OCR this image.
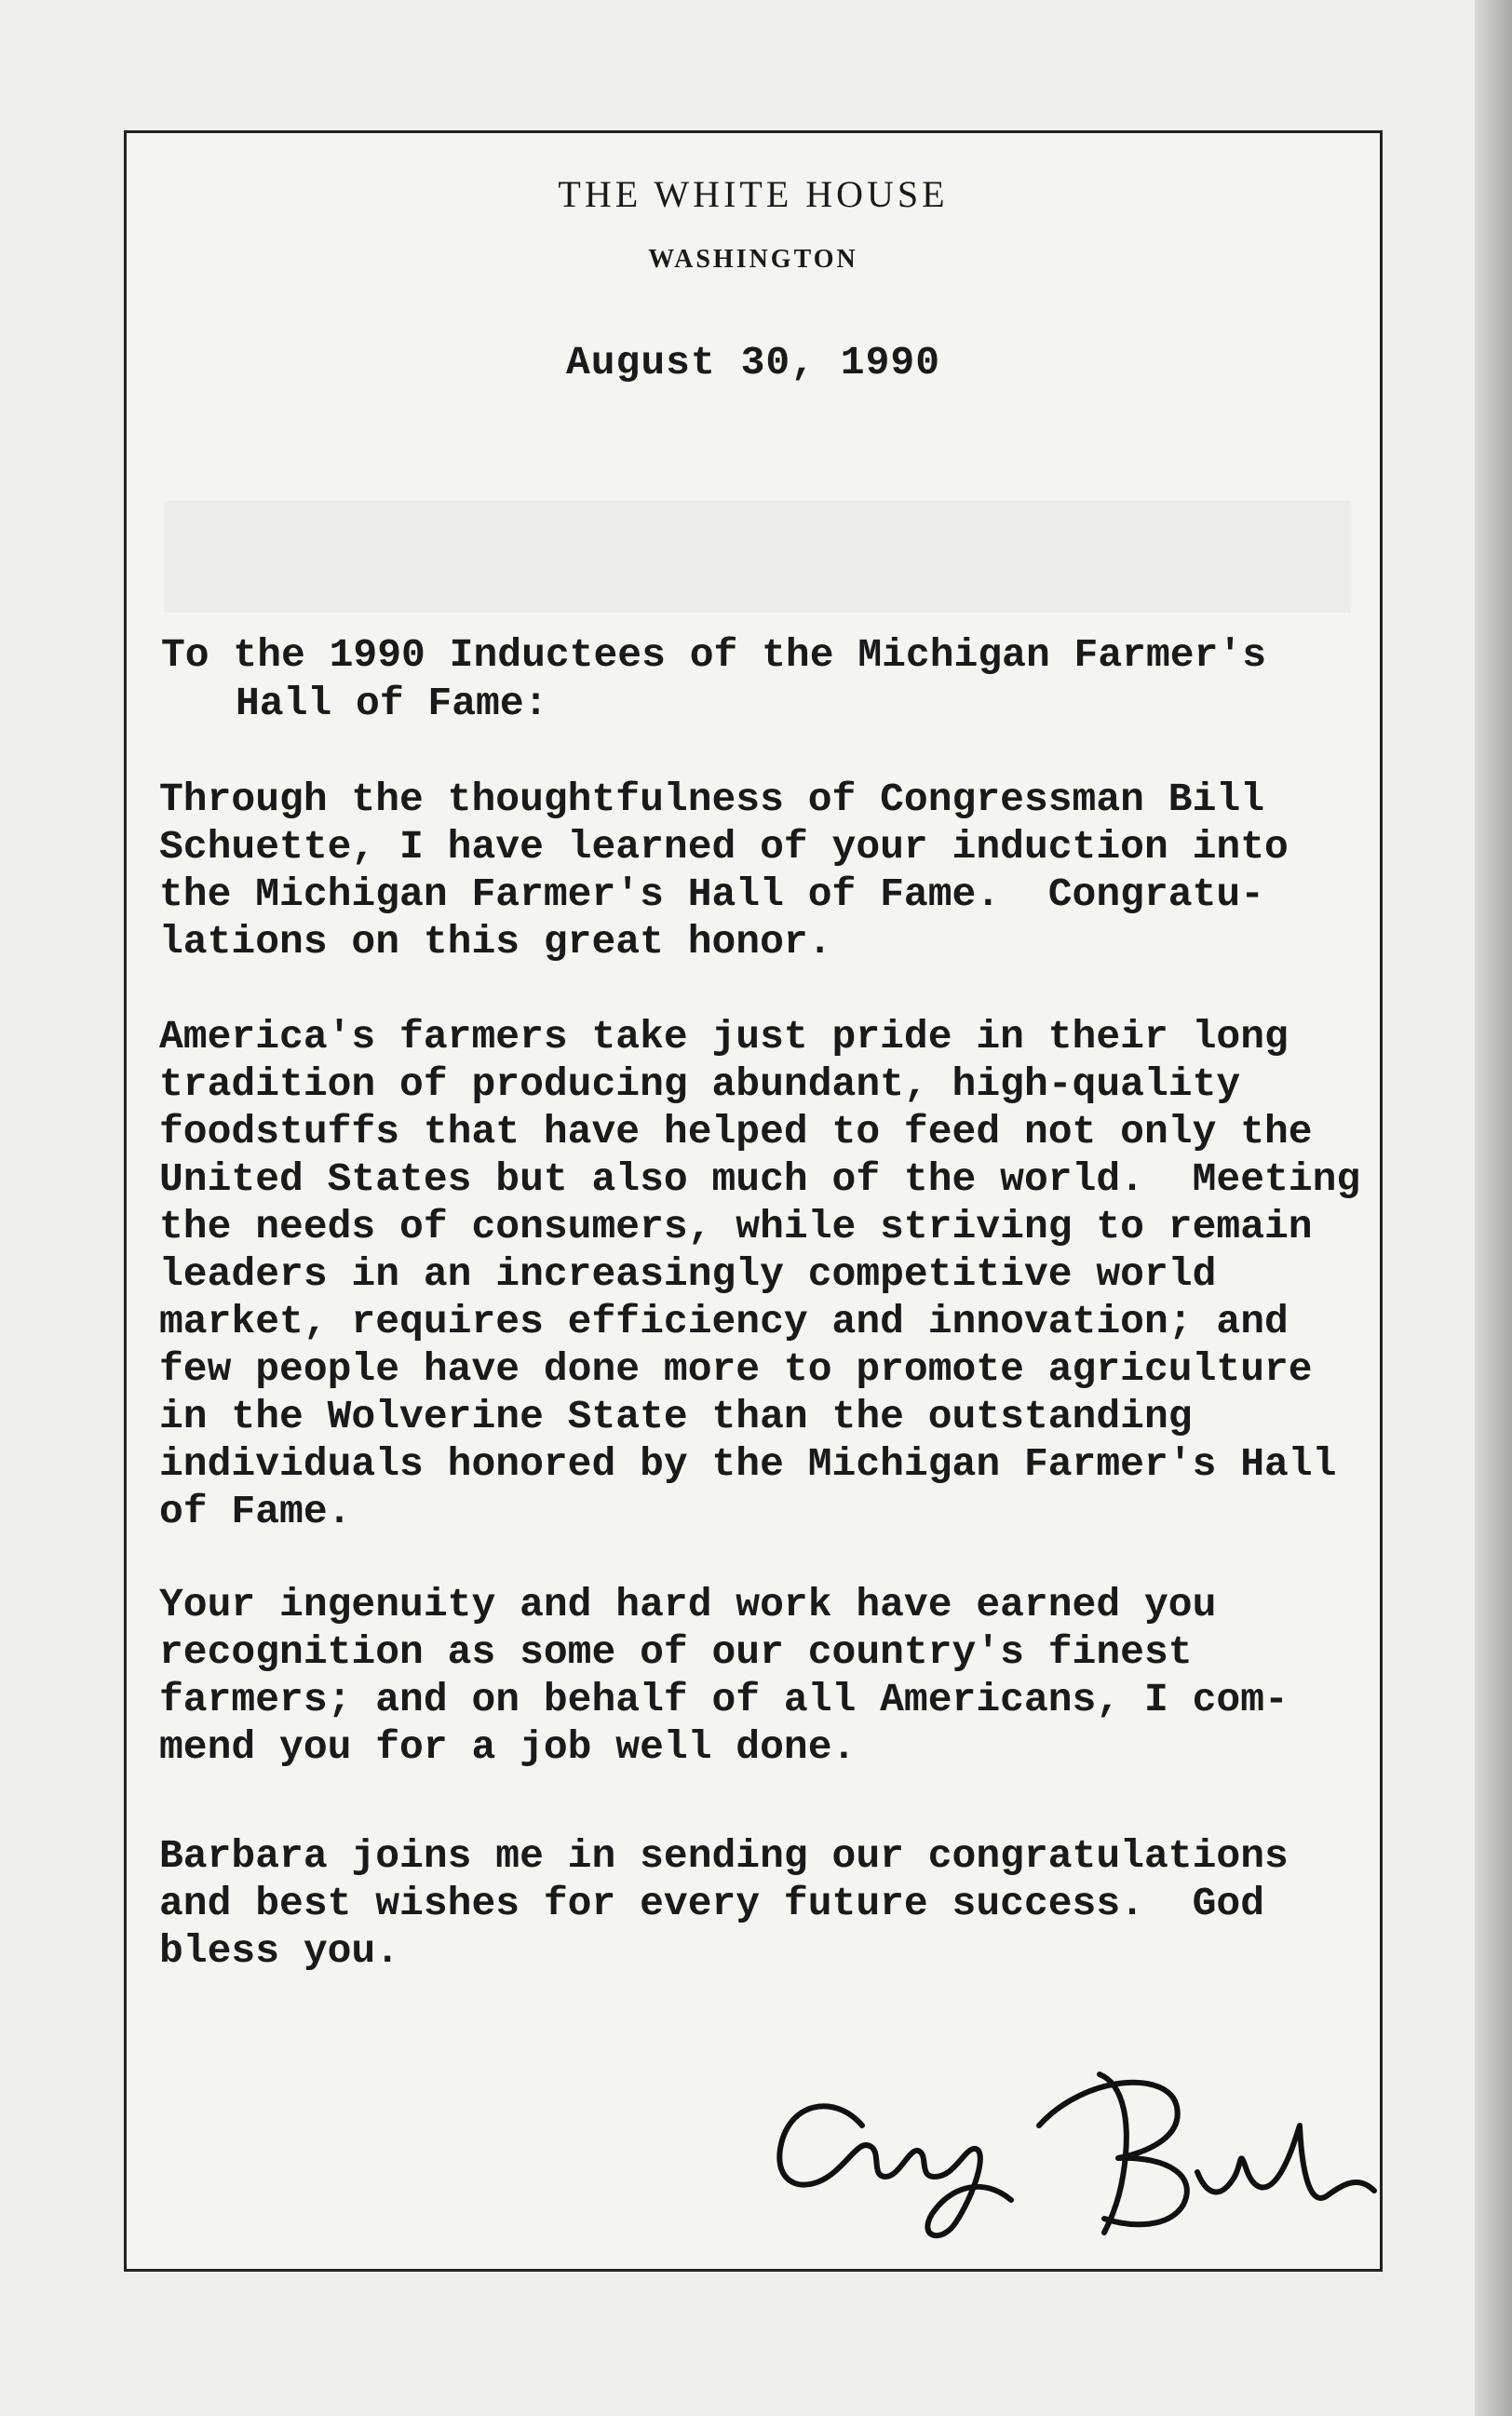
THE WHITE HOUSE
WASHINGTON
August 30, 1990
To the 1990 Inductees of the Michigan Farmer's
Hall of Fame:
Through the thoughtfulness of Congressman Bill
Schuette, I have learned of your induction into
the Michigan Farmer's Hall of Fame.  Congratu-
lations on this great honor.
America's farmers take just pride in their long
tradition of producing abundant, high-quality
foodstuffs that have helped to feed not only the
United States but also much of the world.  Meeting
the needs of consumers, while striving to remain
leaders in an increasingly competitive world
market, requires efficiency and innovation; and
few people have done more to promote agriculture
in the Wolverine State than the outstanding
individuals honored by the Michigan Farmer's Hall
of Fame.
Your ingenuity and hard work have earned you
recognition as some of our country's finest
farmers; and on behalf of all Americans, I com-
mend you for a job well done.
Barbara joins me in sending our congratulations
and best wishes for every future success.  God
bless you.
